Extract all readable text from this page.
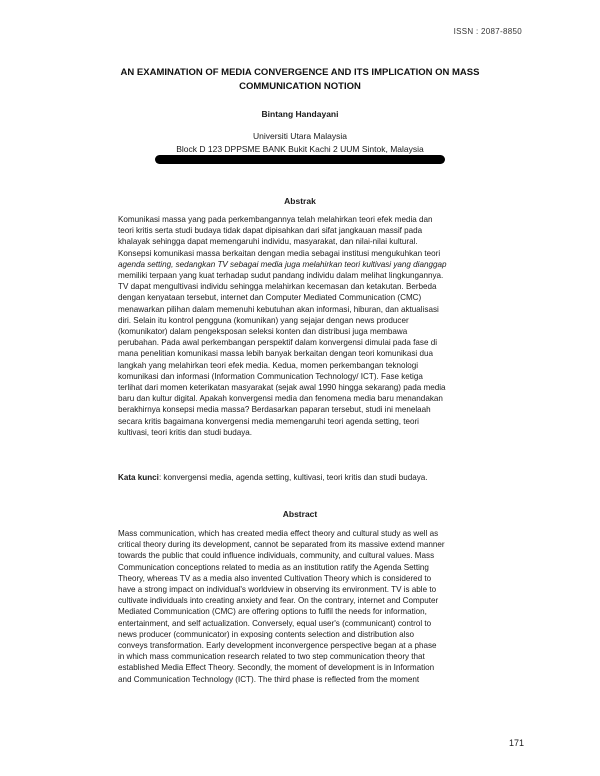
ISSN : 2087-8850
AN EXAMINATION OF MEDIA CONVERGENCE AND ITS IMPLICATION ON MASS
COMMUNICATION NOTION
Bintang Handayani
Universiti Utara Malaysia
Block D 123 DPPSME BANK Bukit Kachi 2 UUM Sintok, Malaysia
Abstrak
Komunikasi massa yang pada perkembangannya telah melahirkan teori efek media dan
teori kritis serta studi budaya tidak dapat dipisahkan dari sifat jangkauan massif pada
khalayak sehingga dapat memengaruhi individu, masyarakat, dan nilai-nilai kultural.
Konsepsi komunikasi massa berkaitan dengan media sebagai institusi mengukuhkan teori
agenda setting, sedangkan TV sebagai media juga melahirkan teori kultivasi yang dianggap
memiliki terpaan yang kuat terhadap sudut pandang individu dalam melihat lingkungannya.
TV dapat mengultivasi individu sehingga melahirkan kecemasan dan ketakutan. Berbeda
dengan kenyataan tersebut, internet dan Computer Mediated Communication (CMC)
menawarkan pilihan dalam memenuhi kebutuhan akan informasi, hiburan, dan aktualisasi
diri. Selain itu kontrol pengguna (komunikan) yang sejajar dengan news producer
(komunikator) dalam pengeksposan seleksi konten dan distribusi juga membawa
perubahan. Pada awal perkembangan perspektif dalam konvergensi dimulai pada fase di
mana penelitian komunikasi massa lebih banyak berkaitan dengan teori komunikasi dua
langkah yang melahirkan teori efek media. Kedua, momen perkembangan teknologi
komunikasi dan informasi (Information Communication Technology/ ICT). Fase ketiga
terlihat dari momen keterikatan masyarakat (sejak awal 1990 hingga sekarang) pada media
baru dan kultur digital. Apakah konvergensi media dan fenomena media baru menandakan
berakhirnya konsepsi media massa? Berdasarkan paparan tersebut, studi ini menelaah
secara kritis bagaimana konvergensi media memengaruhi teori agenda setting, teori
kultivasi, teori kritis dan studi budaya.
Kata kunci: konvergensi media, agenda setting, kultivasi, teori kritis dan studi budaya.
Abstract
Mass communication, which has created media effect theory and cultural study as well as
critical theory during its development, cannot be separated from its massive extend manner
towards the public that could influence individuals, community, and cultural values. Mass
Communication conceptions related to media as an institution ratify the Agenda Setting
Theory, whereas TV as a media also invented Cultivation Theory which is considered to
have a strong impact on individual's worldview in observing its environment. TV is able to
cultivate individuals into creating anxiety and fear. On the contrary, internet and Computer
Mediated Communication (CMC) are offering options to fulfil the needs for information,
entertainment, and self actualization. Conversely, equal user's (communicant) control to
news producer (communicator) in exposing contents selection and distribution also
conveys transformation. Early development inconvergence perspective began at a phase
in which mass communication research related to two step communication theory that
established Media Effect Theory. Secondly, the moment of development is in Information
and Communication Technology (ICT). The third phase is reflected from the moment
171
